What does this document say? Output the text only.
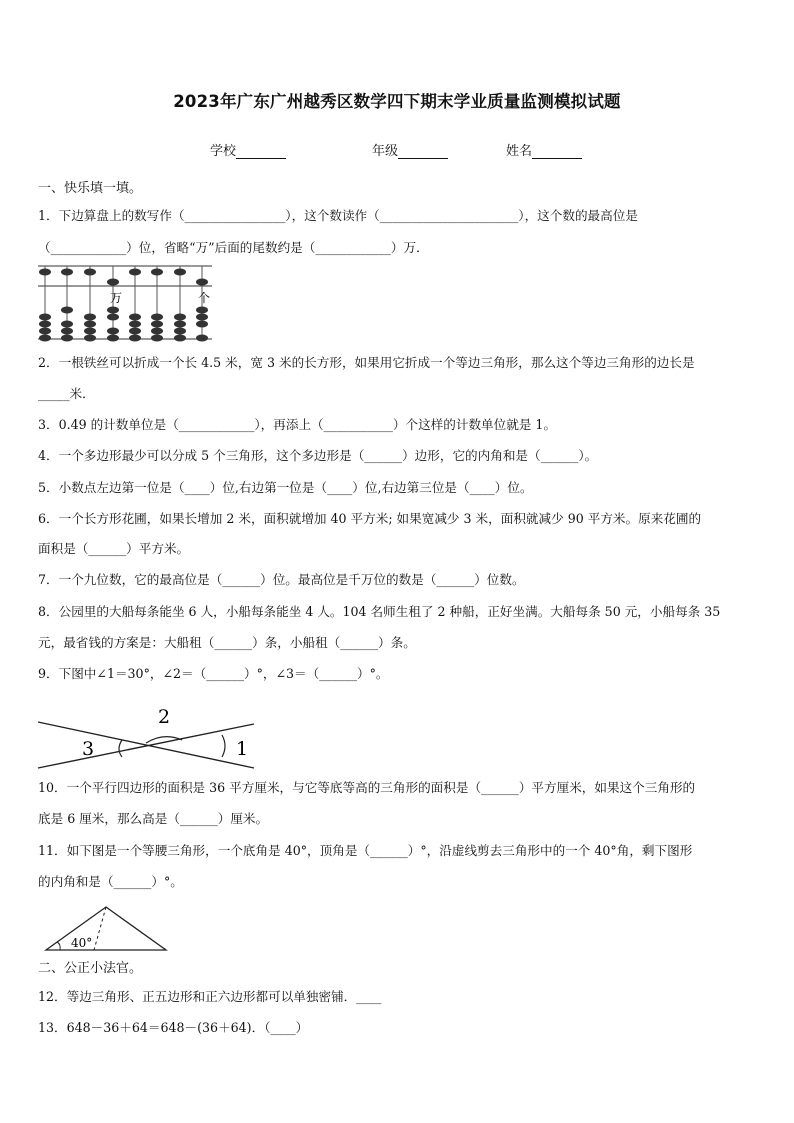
2023年广东广州越秀区数学四下期末学业质量监测模拟试题
学校	年级	姓名
一、快乐填一填。
1．下边算盘上的数写作（________________），这个数读作（______________________），这个数的最高位是
（____________）位，省略“万”后面的尾数约是（____________）万．
万	个
2．一根铁丝可以折成一个长 4.5 米，宽 3 米的长方形，如果用它折成一个等边三角形，那么这个等边三角形的边长是
_____米．
3．0.49 的计数单位是（____________），再添上（___________）个这样的计数单位就是 1。
4．一个多边形最少可以分成 5 个三角形，这个多边形是（______）边形，它的内角和是（______）。
5．小数点左边第一位是（____）位,右边第一位是（____）位,右边第三位是（____）位。
6．一个长方形花圃，如果长增加 2 米，面积就增加 40 平方米; 如果宽减少 3 米，面积就减少 90 平方米。原来花圃的
面积是（______）平方米。
7．一个九位数，它的最高位是（______）位。最高位是千万位的数是（______）位数。
8．公园里的大船每条能坐 6 人，小船每条能坐 4 人。104 名师生租了 2 种船，正好坐满。大船每条 50 元，小船每条 35
元，最省钱的方案是：大船租（______）条，小船租（______）条。
9．下图中∠1＝30°，∠2＝（______）°，∠3＝（______）°。
1
2
3
10．一个平行四边形的面积是 36 平方厘米，与它等底等高的三角形的面积是（______）平方厘米，如果这个三角形的
底是 6 厘米，那么高是（______）厘米。
11．如下图是一个等腰三角形，一个底角是 40°，顶角是（______）°，沿虚线剪去三角形中的一个 40°角，剩下图形
的内角和是（______）°。
40°
二、公正小法官。
12．等边三角形、正五边形和正六边形都可以单独密铺．____
13．648－36＋64＝648－(36＋64)．（____）
